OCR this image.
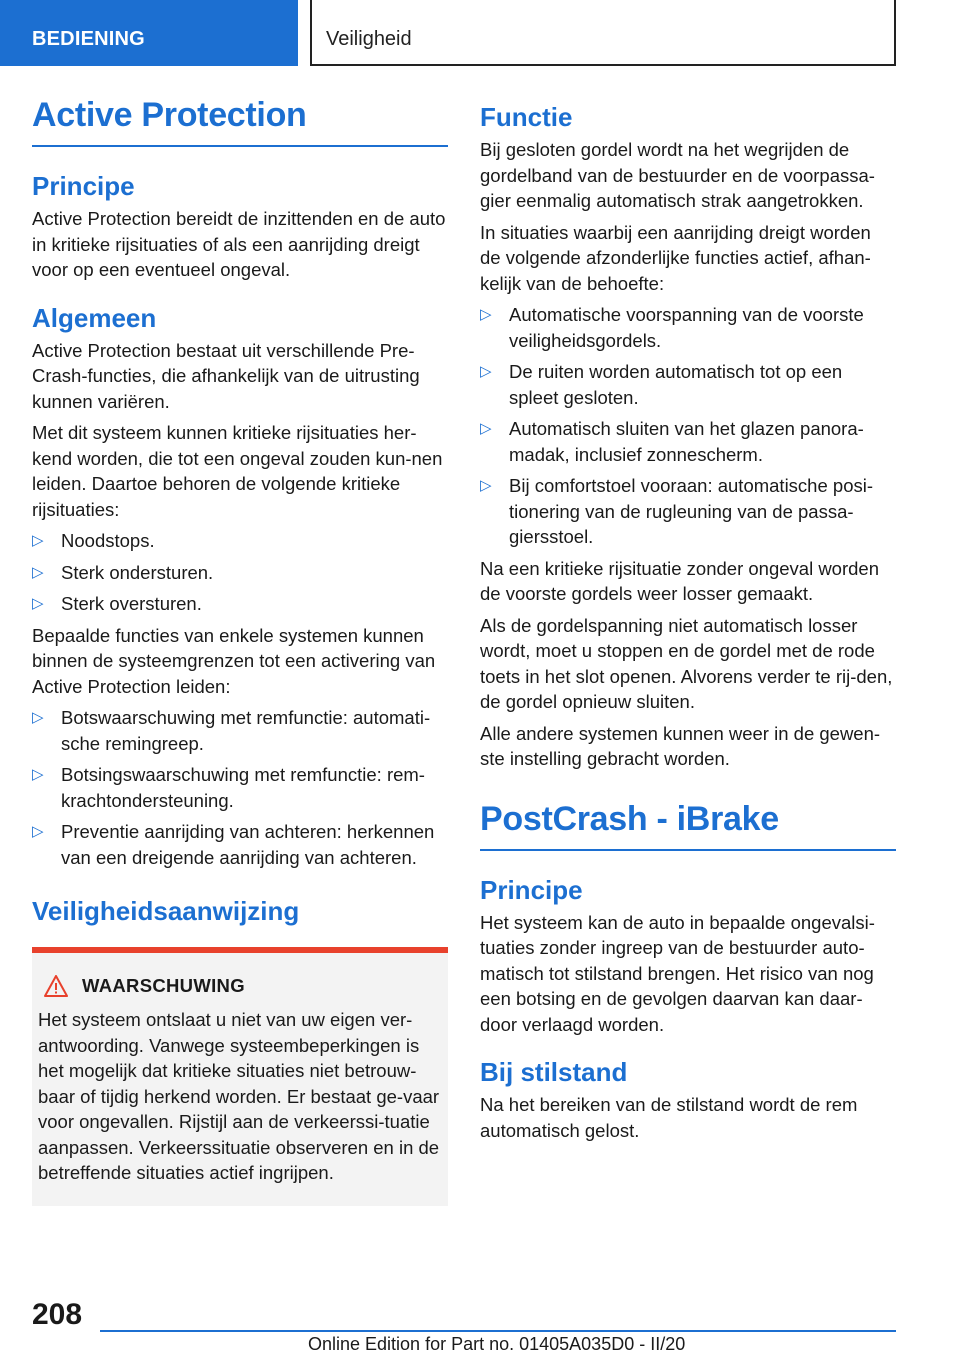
BEDIENING	Veiligheid
Active Protection
Principe

Active Protection bereidt de inzittenden en de auto in kritieke rijsituaties of als een aanrijding dreigt voor op een eventueel ongeval.

Algemeen

Active Protection bestaat uit verschillende Pre-Crash-functies, die afhankelijk van de uitrusting kunnen variëren.

Met dit systeem kunnen kritieke rijsituaties her-kend worden, die tot een ongeval zouden kun-nen leiden. Daartoe behoren de volgende kritieke rijsituaties:

▷ Noodstops.
▷ Sterk ondersturen.
▷ Sterk oversturen.

Bepaalde functies van enkele systemen kunnen binnen de systeemgrenzen tot een activering van Active Protection leiden:

▷ Botswaarschuwing met remfunctie: automati-sche remingreep.
▷ Botsingswaarschuwing met remfunctie: rem-krachtondersteuning.
▷ Preventie aanrijding van achteren: herkennen van een dreigende aanrijding van achteren.
Veiligheidsaanwijzing
WAARSCHUWING

Het systeem ontslaat u niet van uw eigen ver-antwoording. Vanwege systeembeperkingen is het mogelijk dat kritieke situaties niet betrouw-baar of tijdig herkend worden. Er bestaat ge-vaar voor ongevallen. Rijstijl aan de verkeerssi-tuatie aanpassen. Verkeerssituatie observeren en in de betreffende situaties actief ingrijpen.

Functie

Bij gesloten gordel wordt na het wegrijden de gordelband van de bestuurder en de voorpassa-gier eenmalig automatisch strak aangetrokken.

In situaties waarbij een aanrijding dreigt worden de volgende afzonderlijke functies actief, afhan-kelijk van de behoefte:

▷ Automatische voorspanning van de voorste veiligheidsgordels.
▷ De ruiten worden automatisch tot op een spleet gesloten.
▷ Automatisch sluiten van het glazen panora-madak, inclusief zonnescherm.
▷ Bij comfortstoel vooraan: automatische posi-tionering van de rugleuning van de passa-giersstoel.

Na een kritieke rijsituatie zonder ongeval worden de voorste gordels weer losser gemaakt.

Als de gordelspanning niet automatisch losser wordt, moet u stoppen en de gordel met de rode toets in het slot openen. Alvorens verder te rij-den, de gordel opnieuw sluiten.

Alle andere systemen kunnen weer in de gewen-ste instelling gebracht worden.

PostCrash - iBrake
Principe

Het systeem kan de auto in bepaalde ongevalsi-tuaties zonder ingreep van de bestuurder auto-matisch tot stilstand brengen. Het risico van nog een botsing en de gevolgen daarvan kan daar-door verlaagd worden.

Bij stilstand

Na het bereiken van de stilstand wordt de rem automatisch gelost.

208
Online Edition for Part no. 01405A035D0 - II/20
